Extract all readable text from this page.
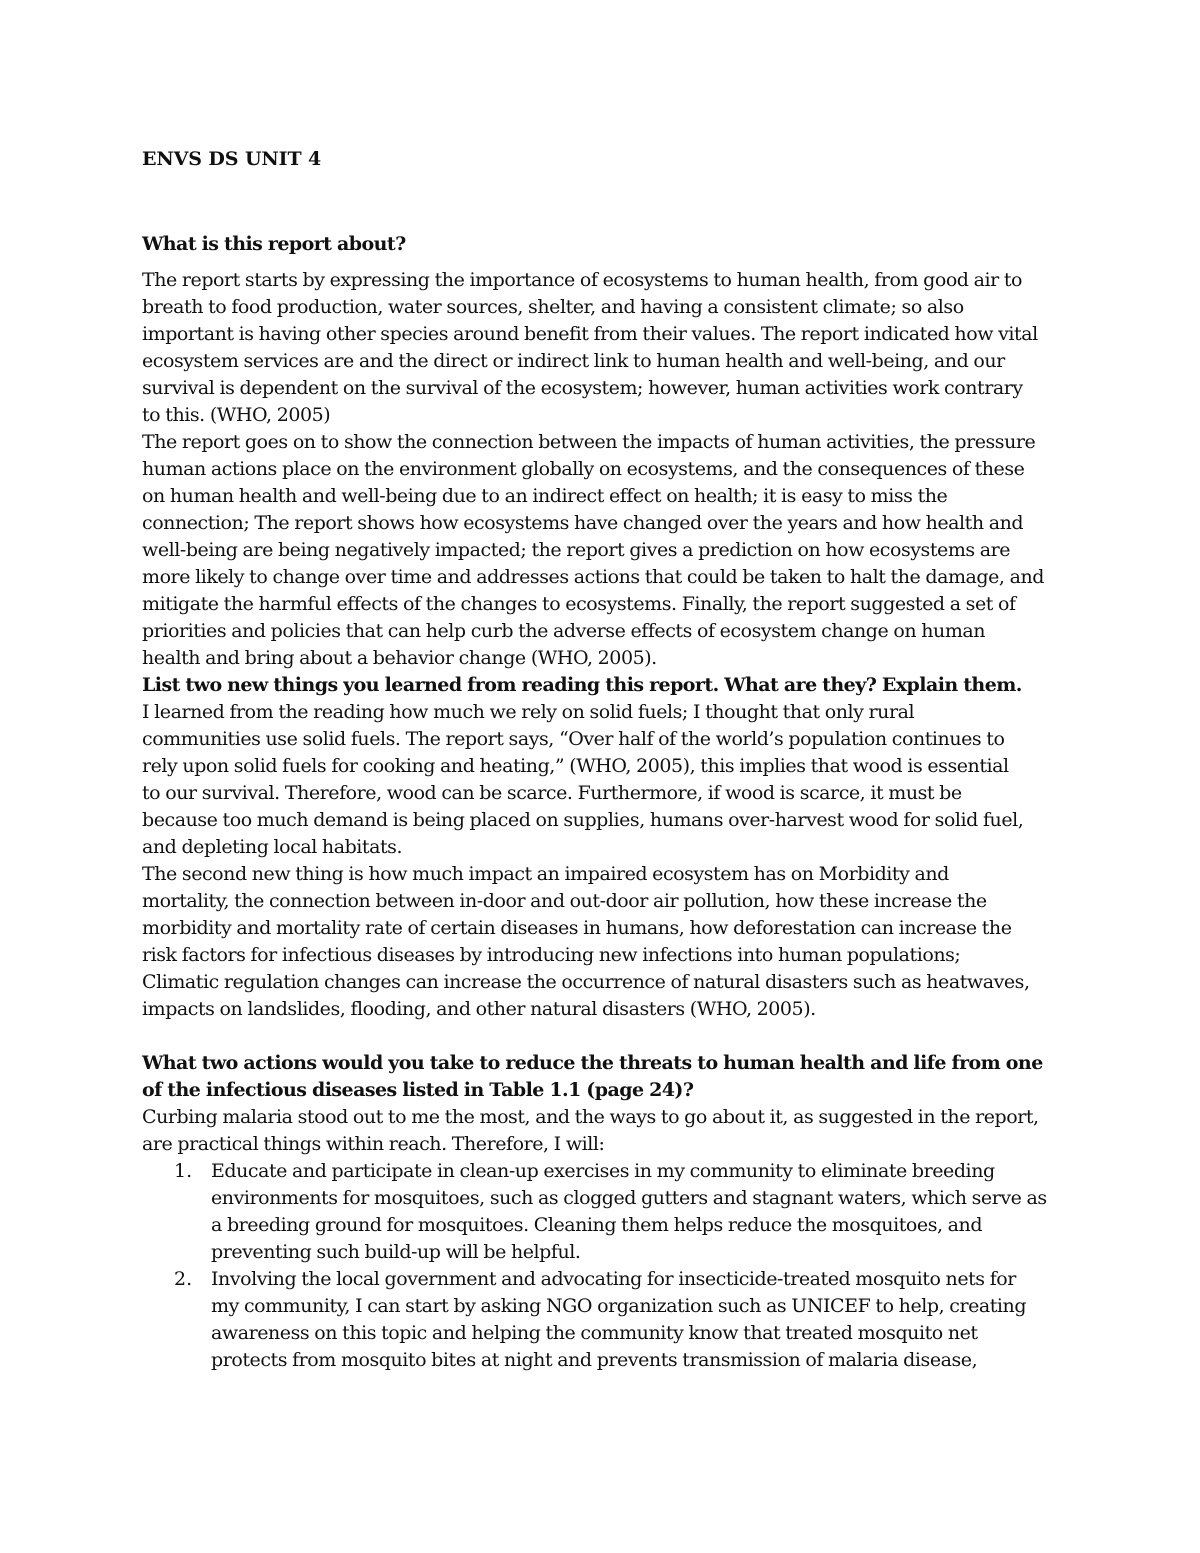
ENVS DS UNIT 4
What is this report about?
The report starts by expressing the importance of ecosystems to human health, from good air to
breath to food production, water sources, shelter, and having a consistent climate; so also
important is having other species around benefit from their values. The report indicated how vital
ecosystem services are and the direct or indirect link to human health and well-being, and our
survival is dependent on the survival of the ecosystem; however, human activities work contrary
to this. (WHO, 2005)
The report goes on to show the connection between the impacts of human activities, the pressure
human actions place on the environment globally on ecosystems, and the consequences of these
on human health and well-being due to an indirect effect on health; it is easy to miss the
connection; The report shows how ecosystems have changed over the years and how health and
well-being are being negatively impacted; the report gives a prediction on how ecosystems are
more likely to change over time and addresses actions that could be taken to halt the damage, and
mitigate the harmful effects of the changes to ecosystems. Finally, the report suggested a set of
priorities and policies that can help curb the adverse effects of ecosystem change on human
health and bring about a behavior change (WHO, 2005).
List two new things you learned from reading this report. What are they? Explain them.
I learned from the reading how much we rely on solid fuels; I thought that only rural
communities use solid fuels. The report says, “Over half of the world’s population continues to
rely upon solid fuels for cooking and heating,” (WHO, 2005), this implies that wood is essential
to our survival. Therefore, wood can be scarce. Furthermore, if wood is scarce, it must be
because too much demand is being placed on supplies, humans over-harvest wood for solid fuel,
and depleting local habitats.
The second new thing is how much impact an impaired ecosystem has on Morbidity and
mortality, the connection between in-door and out-door air pollution, how these increase the
morbidity and mortality rate of certain diseases in humans, how deforestation can increase the
risk factors for infectious diseases by introducing new infections into human populations;
Climatic regulation changes can increase the occurrence of natural disasters such as heatwaves,
impacts on landslides, flooding, and other natural disasters (WHO, 2005).
What two actions would you take to reduce the threats to human health and life from one
of the infectious diseases listed in Table 1.1 (page 24)?
Curbing malaria stood out to me the most, and the ways to go about it, as suggested in the report,
are practical things within reach. Therefore, I will:
1. Educate and participate in clean-up exercises in my community to eliminate breeding
environments for mosquitoes, such as clogged gutters and stagnant waters, which serve as
a breeding ground for mosquitoes. Cleaning them helps reduce the mosquitoes, and
preventing such build-up will be helpful.
2. Involving the local government and advocating for insecticide-treated mosquito nets for
my community, I can start by asking NGO organization such as UNICEF to help, creating
awareness on this topic and helping the community know that treated mosquito net
protects from mosquito bites at night and prevents transmission of malaria disease,
